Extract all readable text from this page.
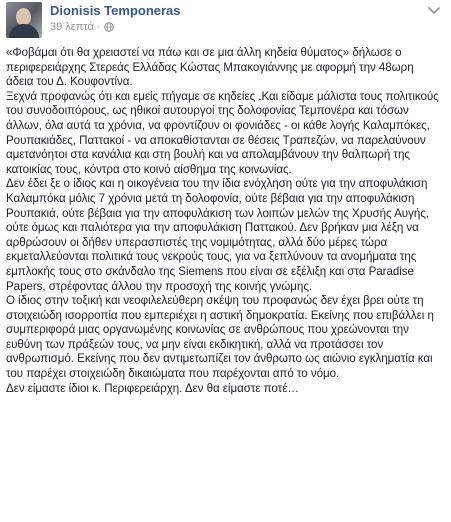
Dionisis Temponeras
39 λεπτά ·

«Φοβάμαι ότι θα χρειαστεί να πάω και σε μια άλλη κηδεία θύματος» δήλωσε ο περιφερειάρχης Στερεάς Ελλάδας Κώστας Μπακογιάννης με αφορμή την 48ωρη άδεια του Δ. Κουφοντίνα.

Ξεχνά προφανώς ότι και εμείς πήγαμε σε κηδείες .Και είδαμε μάλιστα τους πολιτικούς του συνοδοιπόρους, ως ηθικοί αυτουργοί της δολοφονίας Τεμπονέρα και τόσων άλλων, όλα αυτά τα χρόνια, να φροντίζουν οι φονιάδες - οι κάθε λογής Καλαμπόκες, Ρουπακιάδες, Παττακοί - να αποκαθίστανται σε θέσεις Τραπεζών, να παρελαύνουν αμετανόητοι στα κανάλια και στη βουλή και να απολαμβάνουν την θαλπωρή της κατοικίας τους, κόντρα στο κοινό αίσθημα της κοινωνίας.

Δεν έδει ξε ο ίδιος και η οικογένεια του την ίδια ενόχληση ούτε για την αποφυλάκιση Καλαμπόκα μόλις 7 χρόνια μετά τη δολοφονία, ούτε βέβαια για την αποφυλάκιση Ρουπακιά, ούτε βέβαια για την αποφυλάκιση των λοιπών μελών της Χρυσής Αυγής, ούτε όμως και παλιότερα για την αποφυλάκιση Παττακού. Δεν βρήκαν μια λέξη να αρθρώσουν οι δήθεν υπερασπιστές της νομιμότητας, αλλά δύο μέρες τώρα εκμεταλλεύονται πολιτικά τους νεκρούς τους, για να ξεπλύνουν τα ανομήματα της εμπλοκής τους στο σκάνδαλο της Siemens που είναι σε εξέλιξη και στα Paradise Papers, στρέφοντας άλλου την προσοχή της κοινής γνώμης.

Ο ίδιος στην τοξική και νεοφιλελεύθερη σκέψη του προφανώς δεν έχει βρει ούτε τη στοιχειώδη ισορροπία που εμπεριέχει η αστική δημοκρατία. Εκείνης που επιβάλλει η συμπεριφορά μιας οργανωμένης κοινωνίας σε ανθρώπους που χρεώνονται την ευθύνη των πράξεών τους, να μην είναι εκδικητική, αλλά να προτάσσει τον ανθρωπισμό. Εκείνης που δεν αντιμετωπίζει τον άνθρωπο ως αιώνιο εγκληματία και του παρέχει στοιχειώδη δικαιώματα που παρέχονται από το νόμο.

Δεν είμαστε ίδιοι κ. Περιφερειάρχη. Δεν θα είμαστε ποτέ…
